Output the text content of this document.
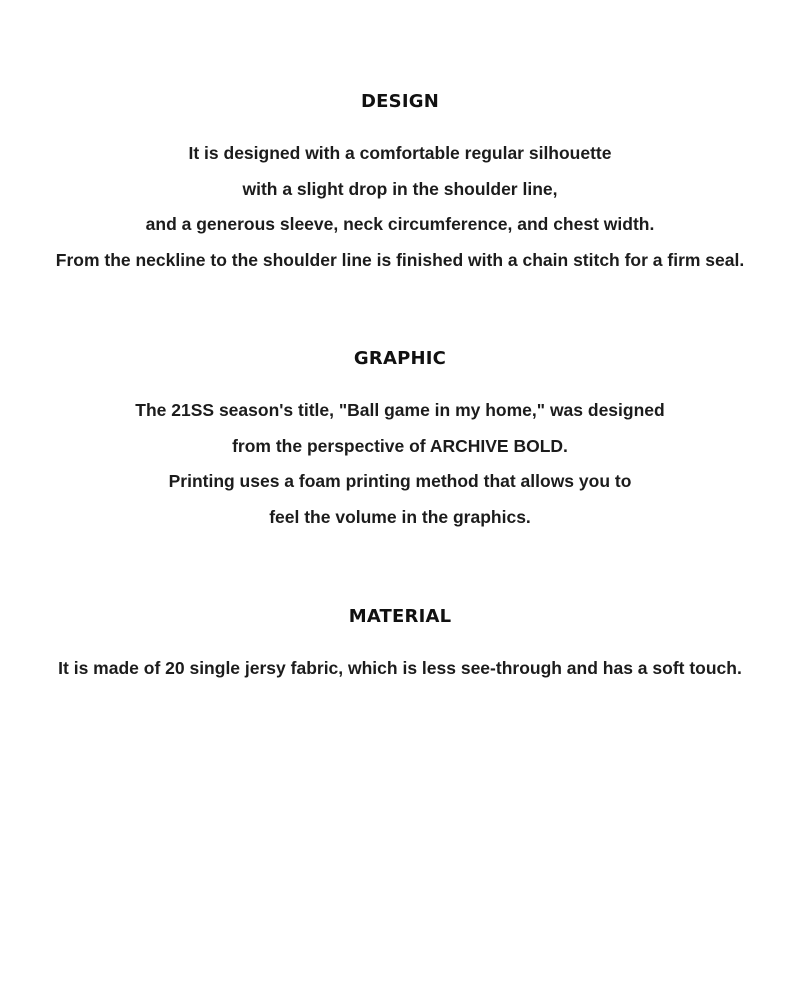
DESIGN
It is designed with a comfortable regular silhouette
with a slight drop in the shoulder line,
and a generous sleeve, neck circumference, and chest width.
From the neckline to the shoulder line is finished with a chain stitch for a firm seal.
GRAPHIC
The 21SS season's title, "Ball game in my home," was designed
from the perspective of ARCHIVE BOLD.
Printing uses a foam printing method that allows you to
feel the volume in the graphics.
MATERIAL
It is made of 20 single jersy fabric, which is less see-through and has a soft touch.
